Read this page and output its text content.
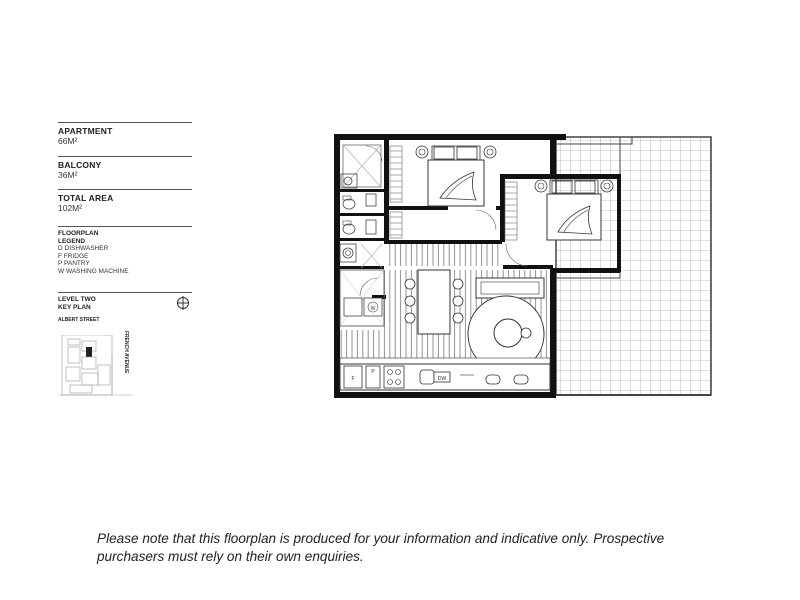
APARTMENT
66M²
BALCONY
36M²
TOTAL AREA
102M²
FLOORPLAN
LEGEND
D DISHWASHER
F FRIDGE
P PANTRY
W WASHING MACHINE
LEVEL TWO
KEY PLAN
ALBERT STREET
FRENCH AVENUE
W
F
P
DW
Please note that this floorplan is produced for your information and indicative only. Prospective
purchasers must rely on their own enquiries.
